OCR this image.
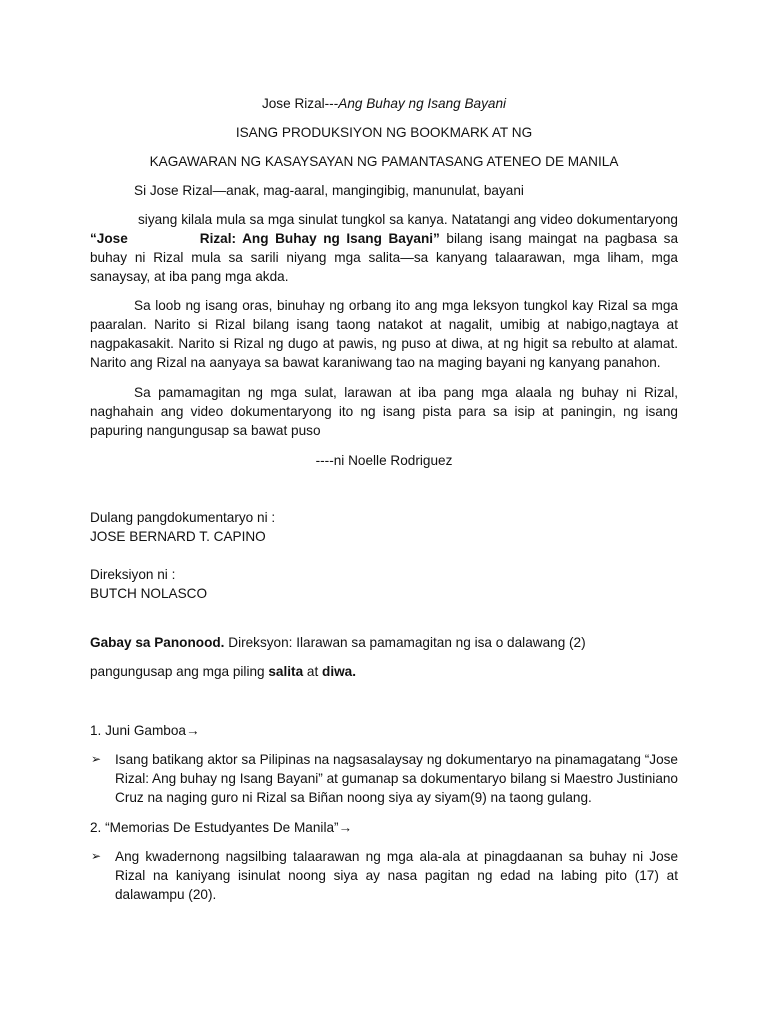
Jose Rizal---Ang Buhay ng Isang Bayani

ISANG PRODUKSIYON NG BOOKMARK AT NG

KAGAWARAN NG KASAYSAYAN NG PAMANTASANG ATENEO DE MANILA

Si Jose Rizal—anak, mag-aaral, mangingibig, manunulat, bayani

siyang kilala mula sa mga sinulat tungkol sa kanya. Natatangi ang video dokumentaryong “Jose	Rizal: Ang Buhay ng Isang Bayani” bilang isang maingat na pagbasa sa buhay ni Rizal mula sa sarili niyang mga salita—sa kanyang talaarawan, mga liham, mga sanaysay, at iba pang mga akda.

Sa loob ng isang oras, binuhay ng orbang ito ang mga leksyon tungkol kay Rizal sa mga paaralan. Narito si Rizal bilang isang taong natakot at nagalit, umibig at nabigo,nagtaya at nagpakasakit. Narito si Rizal ng dugo at pawis, ng puso at diwa, at ng higit sa rebulto at alamat. Narito ang Rizal na aanyaya sa bawat karaniwang tao na maging bayani ng kanyang panahon.

Sa pamamagitan ng mga sulat, larawan at iba pang mga alaala ng buhay ni Rizal, naghahain ang video dokumentaryong ito ng isang pista para sa isip at paningin, ng isang papuring nangungusap sa bawat puso

----ni Noelle Rodriguez

Dulang pangdokumentaryo ni :

JOSE BERNARD T. CAPINO

Direksiyon ni :

BUTCH NOLASCO

Gabay sa Panonood. Direksyon: Ilarawan sa pamamagitan ng isa o dalawang (2)

pangungusap ang mga piling salita at diwa.

1. Juni Gamboa→

➢ Isang batikang aktor sa Pilipinas na nagsasalaysay ng dokumentaryo na pinamagatang “Jose Rizal: Ang buhay ng Isang Bayani” at gumanap sa dokumentaryo bilang si Maestro Justiniano Cruz na naging guro ni Rizal sa Biñan noong siya ay siyam(9) na taong gulang.

2. “Memorias De Estudyantes De Manila”→

➢ Ang kwadernong nagsilbing talaarawan ng mga ala-ala at pinagdaanan sa buhay ni Jose Rizal na kaniyang isinulat noong siya ay nasa pagitan ng edad na labing pito (17) at dalawampu (20).
